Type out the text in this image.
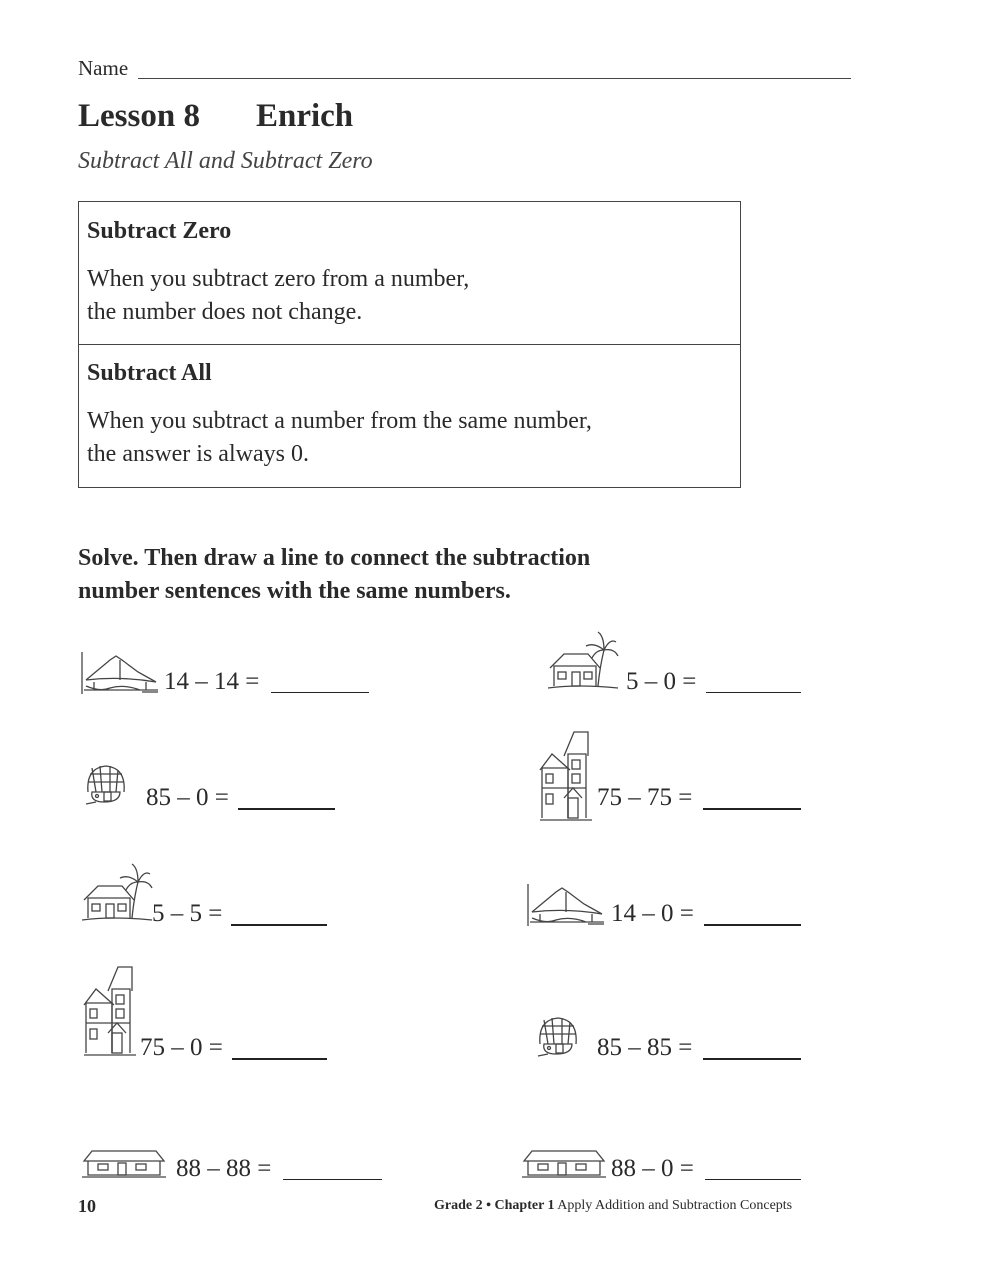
Name
Lesson 8 Enrich
Subtract All and Subtract Zero
Subtract Zero
When you subtract zero from a number,
the number does not change.
Subtract All
When you subtract a number from the same number,
the answer is always 0.
Solve. Then draw a line to connect the subtraction
number sentences with the same numbers.
14 – 14 =
85 – 0 =
5 – 5 =
75 – 0 =
88 – 88 =
5 – 0 =
75 – 75 =
14 – 0 =
85 – 85 =
88 – 0 =
10	Grade 2 • Chapter 1 Apply Addition and Subtraction Concepts
